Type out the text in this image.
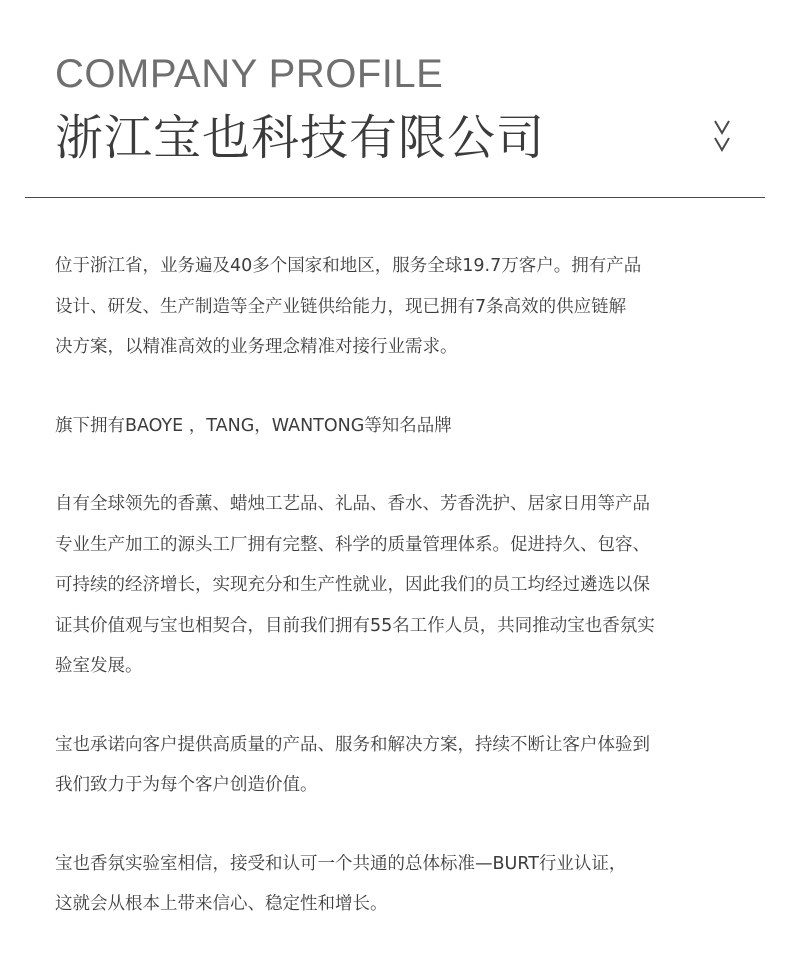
COMPANY PROFILE
浙江宝也科技有限公司
位于浙江省，业务遍及40多个国家和地区，服务全球19.7万客户。拥有产品
设计、研发、生产制造等全产业链供给能力，现已拥有7条高效的供应链解
决方案，以精准高效的业务理念精准对接行业需求。
旗下拥有BAOYE ，TANG，WANTONG等知名品牌
自有全球领先的香薰、蜡烛工艺品、礼品、香水、芳香洗护、居家日用等产品
专业生产加工的源头工厂拥有完整、科学的质量管理体系。促进持久、包容、
可持续的经济增长，实现充分和生产性就业，因此我们的员工均经过遴选以保
证其价值观与宝也相契合，目前我们拥有55名工作人员，共同推动宝也香氛实
验室发展。
宝也承诺向客户提供高质量的产品、服务和解决方案，持续不断让客户体验到
我们致力于为每个客户创造价值。
宝也香氛实验室相信，接受和认可一个共通的总体标准—BURT行业认证，
这就会从根本上带来信心、稳定性和增长。
